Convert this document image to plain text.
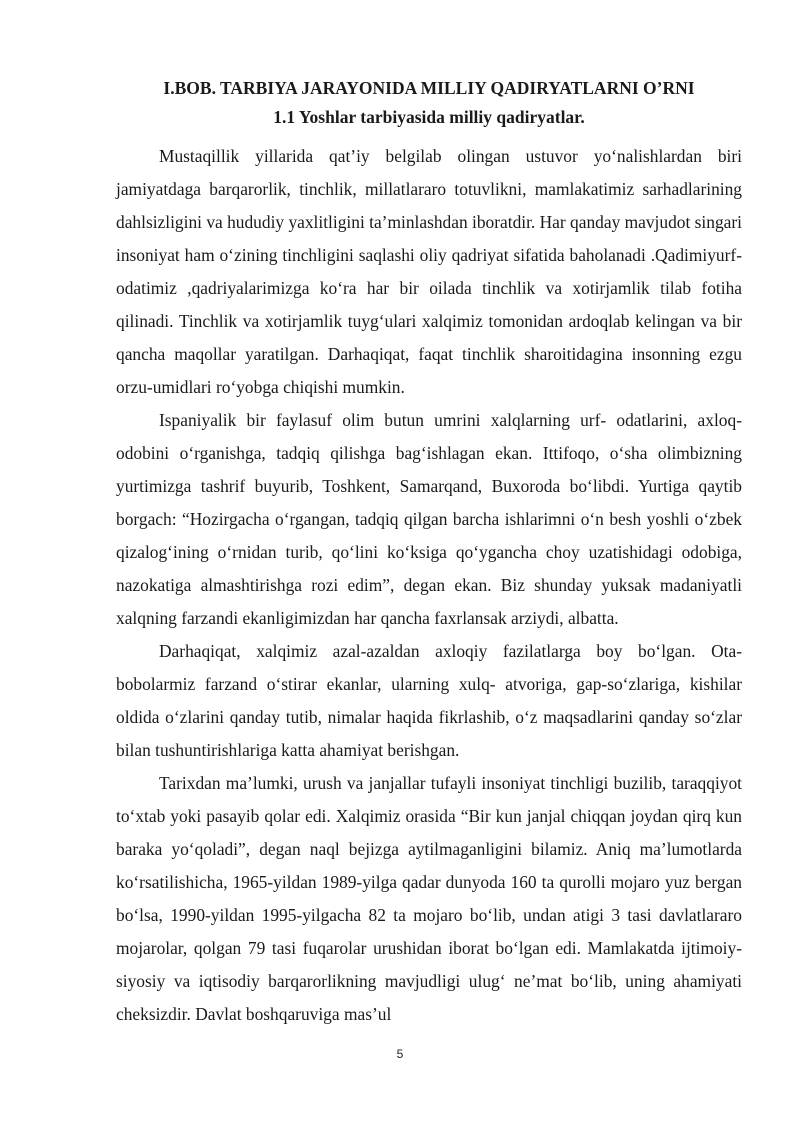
I.BOB. TARBIYA JARAYONIDA MILLIY QADIRYATLARNI O’RNI
1.1 Yoshlar tarbiyasida milliy qadiryatlar.

Mustaqillik yillarida qat’iy belgilab olingan ustuvor yo‘nalishlardan biri jamiyatdaga barqarorlik, tinchlik, millatlararo totuvlikni, mamlakatimiz sarhadlarining dahlsizligini va hududiy yaxlitligini ta’minlashdan iboratdir. Har qanday mavjudot singari insoniyat ham o‘zining tinchligini saqlashi oliy qadriyat sifatida baholanadi .Qadimiyurf-odatimiz ,qadriyalarimizga ko‘ra har bir oilada tinchlik va xotirjamlik tilab fotiha qilinadi. Tinchlik va xotirjamlik tuyg‘ulari xalqimiz tomonidan ardoqlab kelingan va bir qancha maqollar yaratilgan. Darhaqiqat, faqat tinchlik sharoitidagina insonning ezgu orzu-umidlari ro‘yobga chiqishi mumkin.

Ispaniyalik bir faylasuf olim butun umrini xalqlarning urf- odatlarini, axloq-odobini o‘rganishga, tadqiq qilishga bag‘ishlagan ekan. Ittifoqo, o‘sha olimbizning yurtimizga tashrif buyurib, Toshkent, Samarqand, Buxoroda bo‘libdi. Yurtiga qaytib borgach: “Hozirgacha o‘rgangan, tadqiq qilgan barcha ishlarimni o‘n besh yoshli o‘zbek qizalog‘ining o‘rnidan turib, qo‘lini ko‘ksiga qo‘ygancha choy uzatishidagi odobiga, nazokatiga almashtirishga rozi edim”, degan ekan. Biz shunday yuksak madaniyatli xalqning farzandi ekanligimizdan har qancha faxrlansak arziydi, albatta.

Darhaqiqat, xalqimiz azal-azaldan axloqiy fazilatlarga boy bo‘lgan. Ota-bobolarmiz farzand o‘stirar ekanlar, ularning xulq- atvoriga, gap-so‘zlariga, kishilar oldida o‘zlarini qanday tutib, nimalar haqida fikrlashib, o‘z maqsadlarini qanday so‘zlar bilan tushuntirishlariga katta ahamiyat berishgan.

Tarixdan ma’lumki, urush va janjallar tufayli insoniyat tinchligi buzilib, taraqqiyot to‘xtab yoki pasayib qolar edi. Xalqimiz orasida “Bir kun janjal chiqqan joydan qirq kun baraka yo‘qoladi”, degan naql bejizga aytilmaganligini bilamiz. Aniq ma’lumotlarda ko‘rsatilishicha, 1965-yildan 1989-yilga qadar dunyoda 160 ta qurolli mojaro yuz bergan bo‘lsa, 1990-yildan 1995-yilgacha 82 ta mojaro bo‘lib, undan atigi 3 tasi davlatlararo mojarolar, qolgan 79 tasi fuqarolar urushidan iborat bo‘lgan edi. Mamlakatda ijtimoiy-siyosiy va iqtisodiy barqarorlikning mavjudligi ulug‘ ne’mat bo‘lib, uning ahamiyati cheksizdir. Davlat boshqaruviga mas’ul

5
